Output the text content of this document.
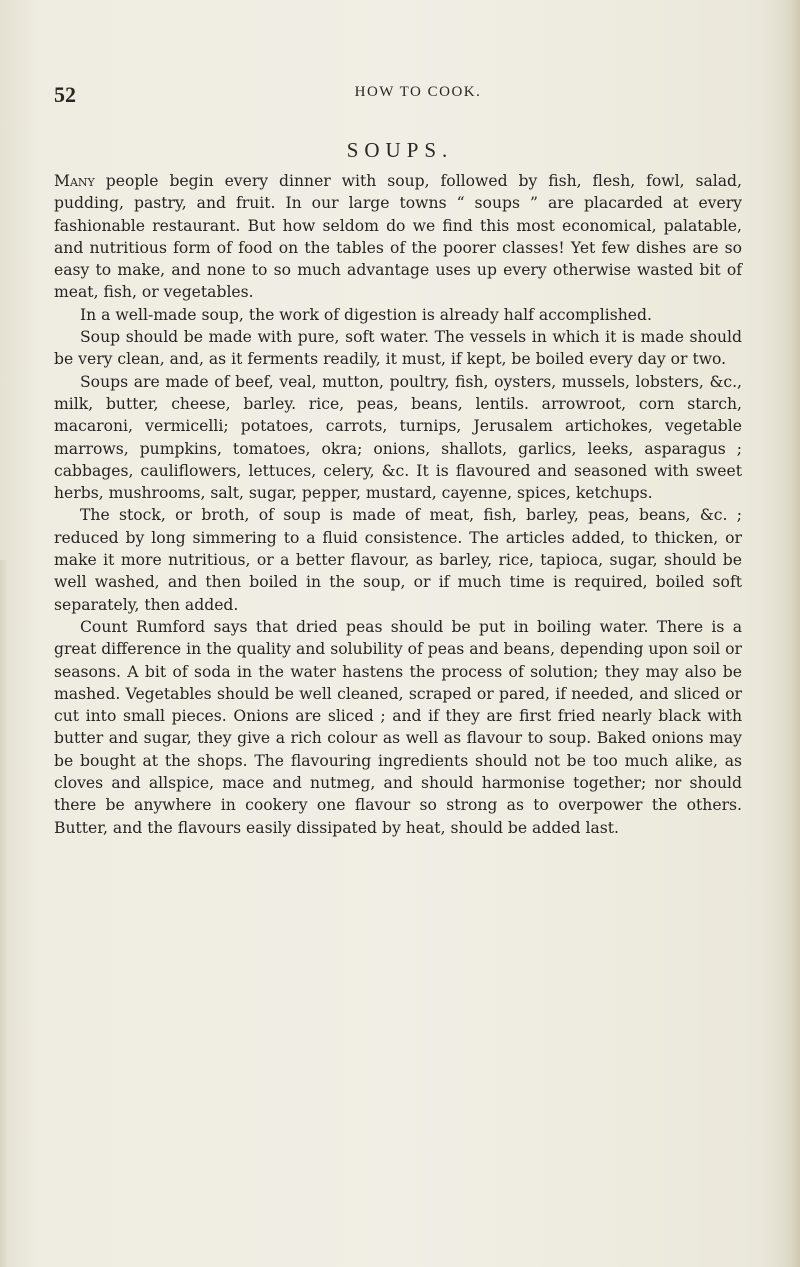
52	HOW TO COOK.
SOUPS.

Many people begin every dinner with soup, followed by fish, flesh, fowl, salad, pudding, pastry, and fruit. In our large towns “ soups ” are placarded at every fashionable restaurant. But how seldom do we find this most economical, palatable, and nutritious form of food on the tables of the poorer classes! Yet few dishes are so easy to make, and none to so much advantage uses up every otherwise wasted bit of meat, fish, or vegetables.

In a well-made soup, the work of digestion is already half accomplished.

Soup should be made with pure, soft water. The vessels in which it is made should be very clean, and, as it ferments readily, it must, if kept, be boiled every day or two.

Soups are made of beef, veal, mutton, poultry, fish, oysters, mussels, lobsters, &c., milk, butter, cheese, barley. rice, peas, beans, lentils. arrowroot, corn starch, macaroni, vermicelli; potatoes, carrots, turnips, Jerusalem artichokes, vegetable marrows, pumpkins, tomatoes, okra; onions, shallots, garlics, leeks, asparagus ; cabbages, cauliflowers, lettuces, celery, &c. It is flavoured and seasoned with sweet herbs, mushrooms, salt, sugar, pepper, mustard, cayenne, spices, ketchups.

The stock, or broth, of soup is made of meat, fish, barley, peas, beans, &c. ; reduced by long simmering to a fluid consistence. The articles added, to thicken, or make it more nutritious, or a better flavour, as barley, rice, tapioca, sugar, should be well washed, and then boiled in the soup, or if much time is required, boiled soft separately, then added.

Count Rumford says that dried peas should be put in boiling water. There is a great difference in the quality and solubility of peas and beans, depending upon soil or seasons. A bit of soda in the water hastens the process of solution; they may also be mashed. Vegetables should be well cleaned, scraped or pared, if needed, and sliced or cut into small pieces. Onions are sliced ; and if they are first fried nearly black with butter and sugar, they give a rich colour as well as flavour to soup. Baked onions may be bought at the shops. The flavouring ingredients should not be too much alike, as cloves and allspice, mace and nutmeg, and should harmonise together; nor should there be anywhere in cookery one flavour so strong as to overpower the others. Butter, and the flavours easily dissipated by heat, should be added last.
